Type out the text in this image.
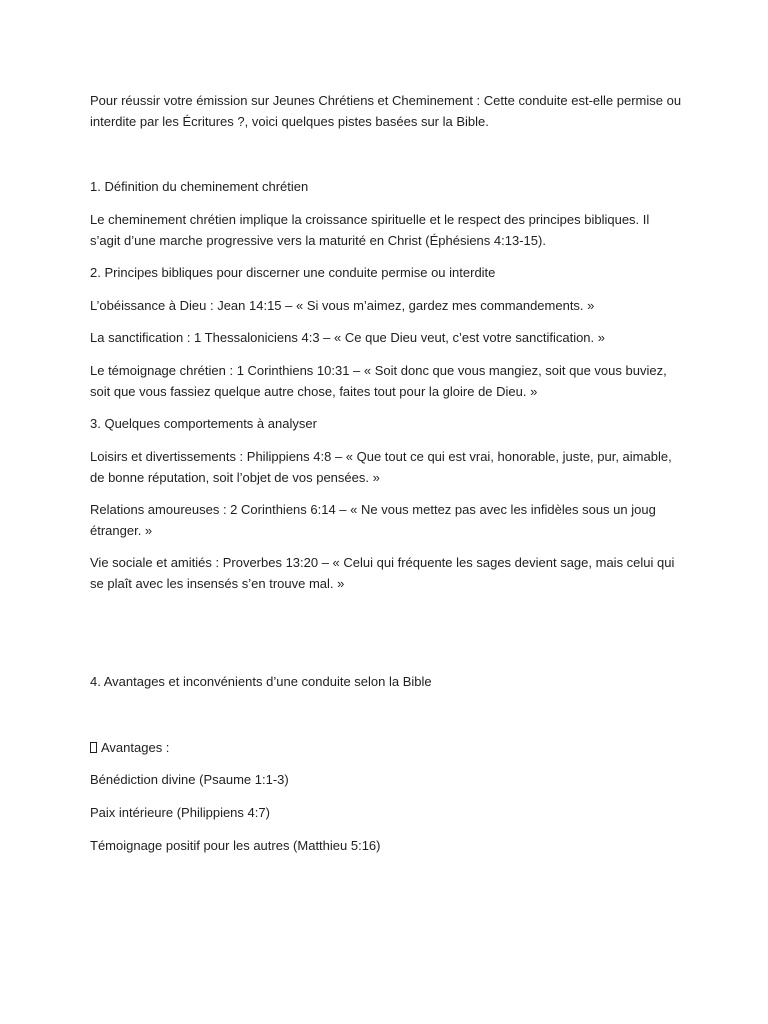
Pour réussir votre émission sur Jeunes Chrétiens et Cheminement : Cette conduite est-elle permise ou interdite par les Écritures ?, voici quelques pistes basées sur la Bible.

1. Définition du cheminement chrétien

Le cheminement chrétien implique la croissance spirituelle et le respect des principes bibliques. Il s’agit d’une marche progressive vers la maturité en Christ (Éphésiens 4:13-15).

2. Principes bibliques pour discerner une conduite permise ou interdite

L’obéissance à Dieu : Jean 14:15 – « Si vous m’aimez, gardez mes commandements. »

La sanctification : 1 Thessaloniciens 4:3 – « Ce que Dieu veut, c’est votre sanctification. »

Le témoignage chrétien : 1 Corinthiens 10:31 – « Soit donc que vous mangiez, soit que vous buviez, soit que vous fassiez quelque autre chose, faites tout pour la gloire de Dieu. »

3. Quelques comportements à analyser

Loisirs et divertissements : Philippiens 4:8 – « Que tout ce qui est vrai, honorable, juste, pur, aimable, de bonne réputation, soit l’objet de vos pensées. »

Relations amoureuses : 2 Corinthiens 6:14 – « Ne vous mettez pas avec les infidèles sous un joug étranger. »

Vie sociale et amitiés : Proverbes 13:20 – « Celui qui fréquente les sages devient sage, mais celui qui se plaît avec les insensés s’en trouve mal. »

4. Avantages et inconvénients d’une conduite selon la Bible

Avantages :

Bénédiction divine (Psaume 1:1-3)

Paix intérieure (Philippiens 4:7)

Témoignage positif pour les autres (Matthieu 5:16)
